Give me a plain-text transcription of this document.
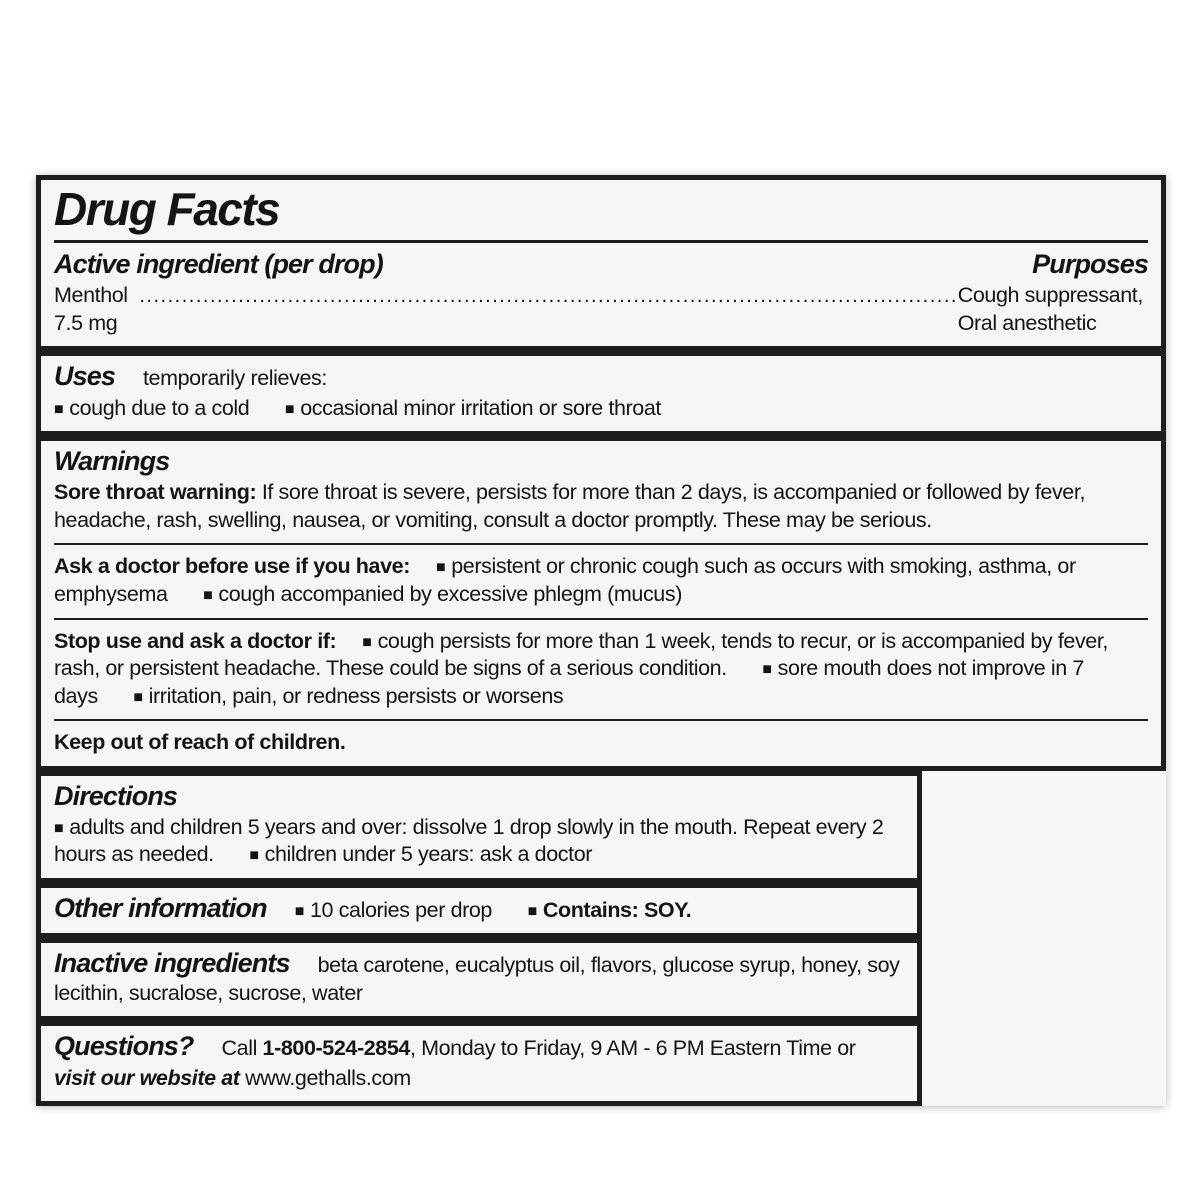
Drug Facts
Active ingredient (per drop)	Purposes
Menthol 7.5 mg
.....
Cough suppressant, Oral anesthetic
Uses temporarily relieves:
■ cough due to a cold ■ occasional minor irritation or sore throat
Warnings
Sore throat warning: If sore throat is severe, persists for more than 2 days, is accompanied or followed by fever, headache, rash, swelling, nausea, or vomiting, consult a doctor promptly. These may be serious.
Ask a doctor before use if you have: ■ persistent or chronic cough such as occurs with smoking, asthma, or emphysema ■ cough accompanied by excessive phlegm (mucus)
Stop use and ask a doctor if: ■ cough persists for more than 1 week, tends to recur, or is accompanied by fever, rash, or persistent headache. These could be signs of a serious condition. ■ sore mouth does not improve in 7 days ■ irritation, pain, or redness persists or worsens
Keep out of reach of children.
Directions
■ adults and children 5 years and over: dissolve 1 drop slowly in the mouth. Repeat every 2 hours as needed. ■ children under 5 years: ask a doctor
Other information ■ 10 calories per drop ■ Contains: SOY.
Inactive ingredients beta carotene, eucalyptus oil, flavors, glucose syrup, honey, soy lecithin, sucralose, sucrose, water
Questions? Call 1-800-524-2854, Monday to Friday, 9 AM - 6 PM Eastern Time or
visit our website at www.gethalls.com
